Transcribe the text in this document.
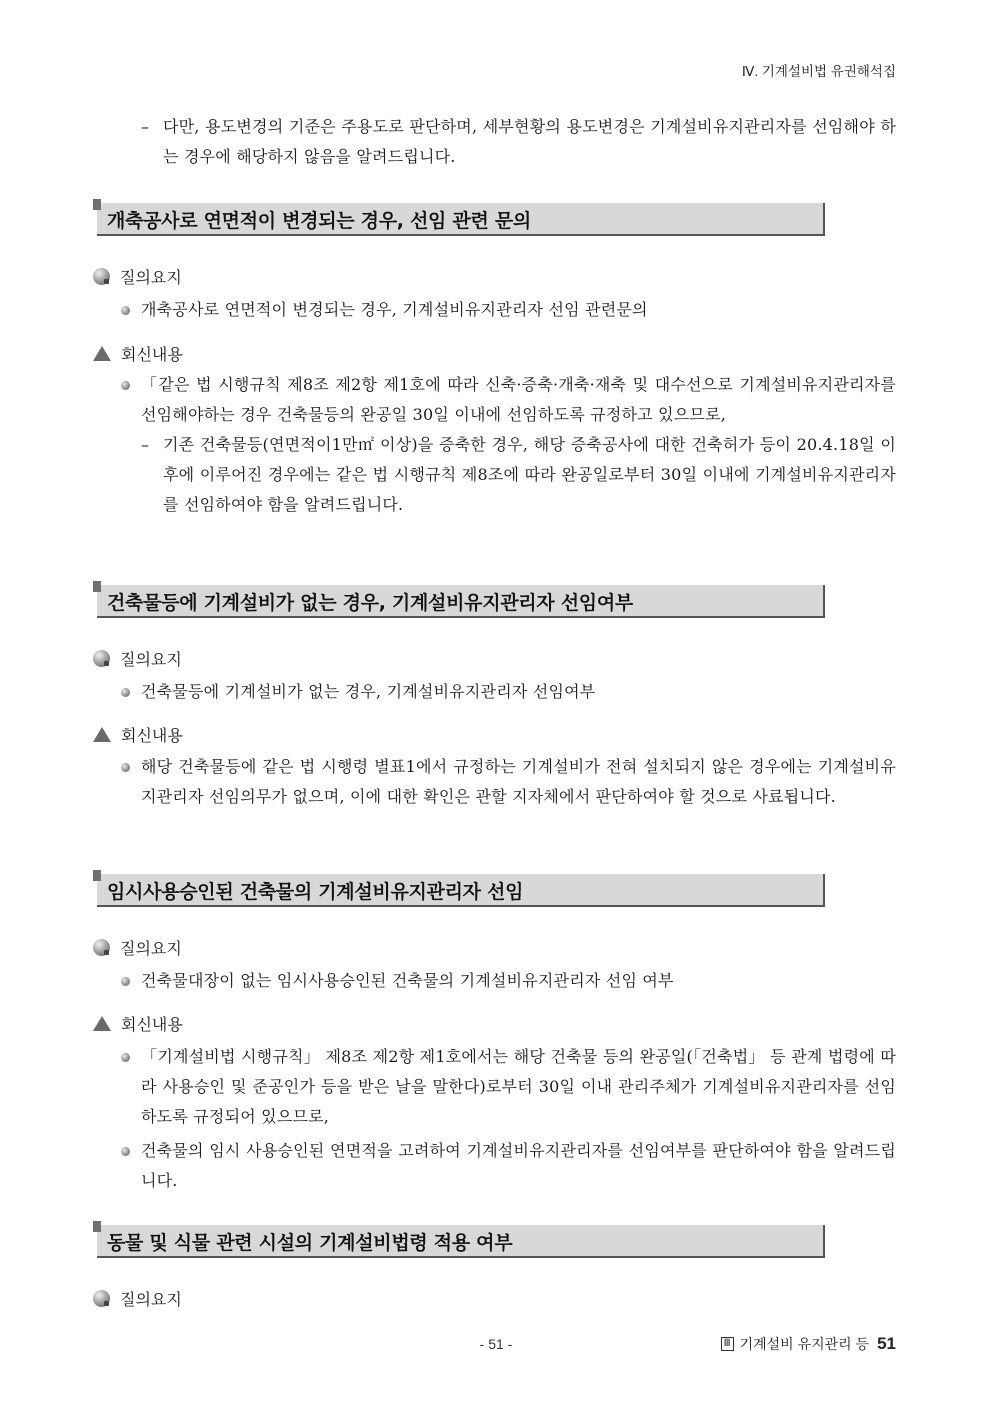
Ⅳ. 기계설비법 유권해석집
– 다만, 용도변경의 기준은 주용도로 판단하며, 세부현황의 용도변경은 기계설비유지관리자를 선임해야 하는 경우에 해당하지 않음을 알려드립니다.
개축공사로 연면적이 변경되는 경우, 선임 관련 문의
질의요지
개축공사로 연면적이 변경되는 경우, 기계설비유지관리자 선임 관련문의
회신내용
「같은 법 시행규칙 제8조 제2항 제1호에 따라 신축·증축·개축·재축 및 대수선으로 기계설비유지관리자를 선임해야하는 경우 건축물등의 완공일 30일 이내에 선임하도록 규정하고 있으므로,
– 기존 건축물등(연면적이1만㎡ 이상)을 증축한 경우, 해당 증축공사에 대한 건축허가 등이 20.4.18일 이후에 이루어진 경우에는 같은 법 시행규칙 제8조에 따라 완공일로부터 30일 이내에 기계설비유지관리자를 선임하여야 함을 알려드립니다.
건축물등에 기계설비가 없는 경우, 기계설비유지관리자 선임여부
질의요지
건축물등에 기계설비가 없는 경우, 기계설비유지관리자 선임여부
회신내용
해당 건축물등에 같은 법 시행령 별표1에서 규정하는 기계설비가 전혀 설치되지 않은 경우에는 기계설비유지관리자 선임의무가 없으며, 이에 대한 확인은 관할 지자체에서 판단하여야 할 것으로 사료됩니다.
임시사용승인된 건축물의 기계설비유지관리자 선임
질의요지
건축물대장이 없는 임시사용승인된 건축물의 기계설비유지관리자 선임 여부
회신내용
「기계설비법 시행규칙」 제8조 제2항 제1호에서는 해당 건축물 등의 완공일(「건축법」 등 관계 법령에 따라 사용승인 및 준공인가 등을 받은 날을 말한다)로부터 30일 이내 관리주체가 기계설비유지관리자를 선임하도록 규정되어 있으므로,
건축물의 임시 사용승인된 연면적을 고려하여 기계설비유지관리자를 선임여부를 판단하여야 함을 알려드립니다.
동물 및 식물 관련 시설의 기계설비법령 적용 여부
질의요지
- 51 -	Ⅲ 기계설비 유지관리 등 51
